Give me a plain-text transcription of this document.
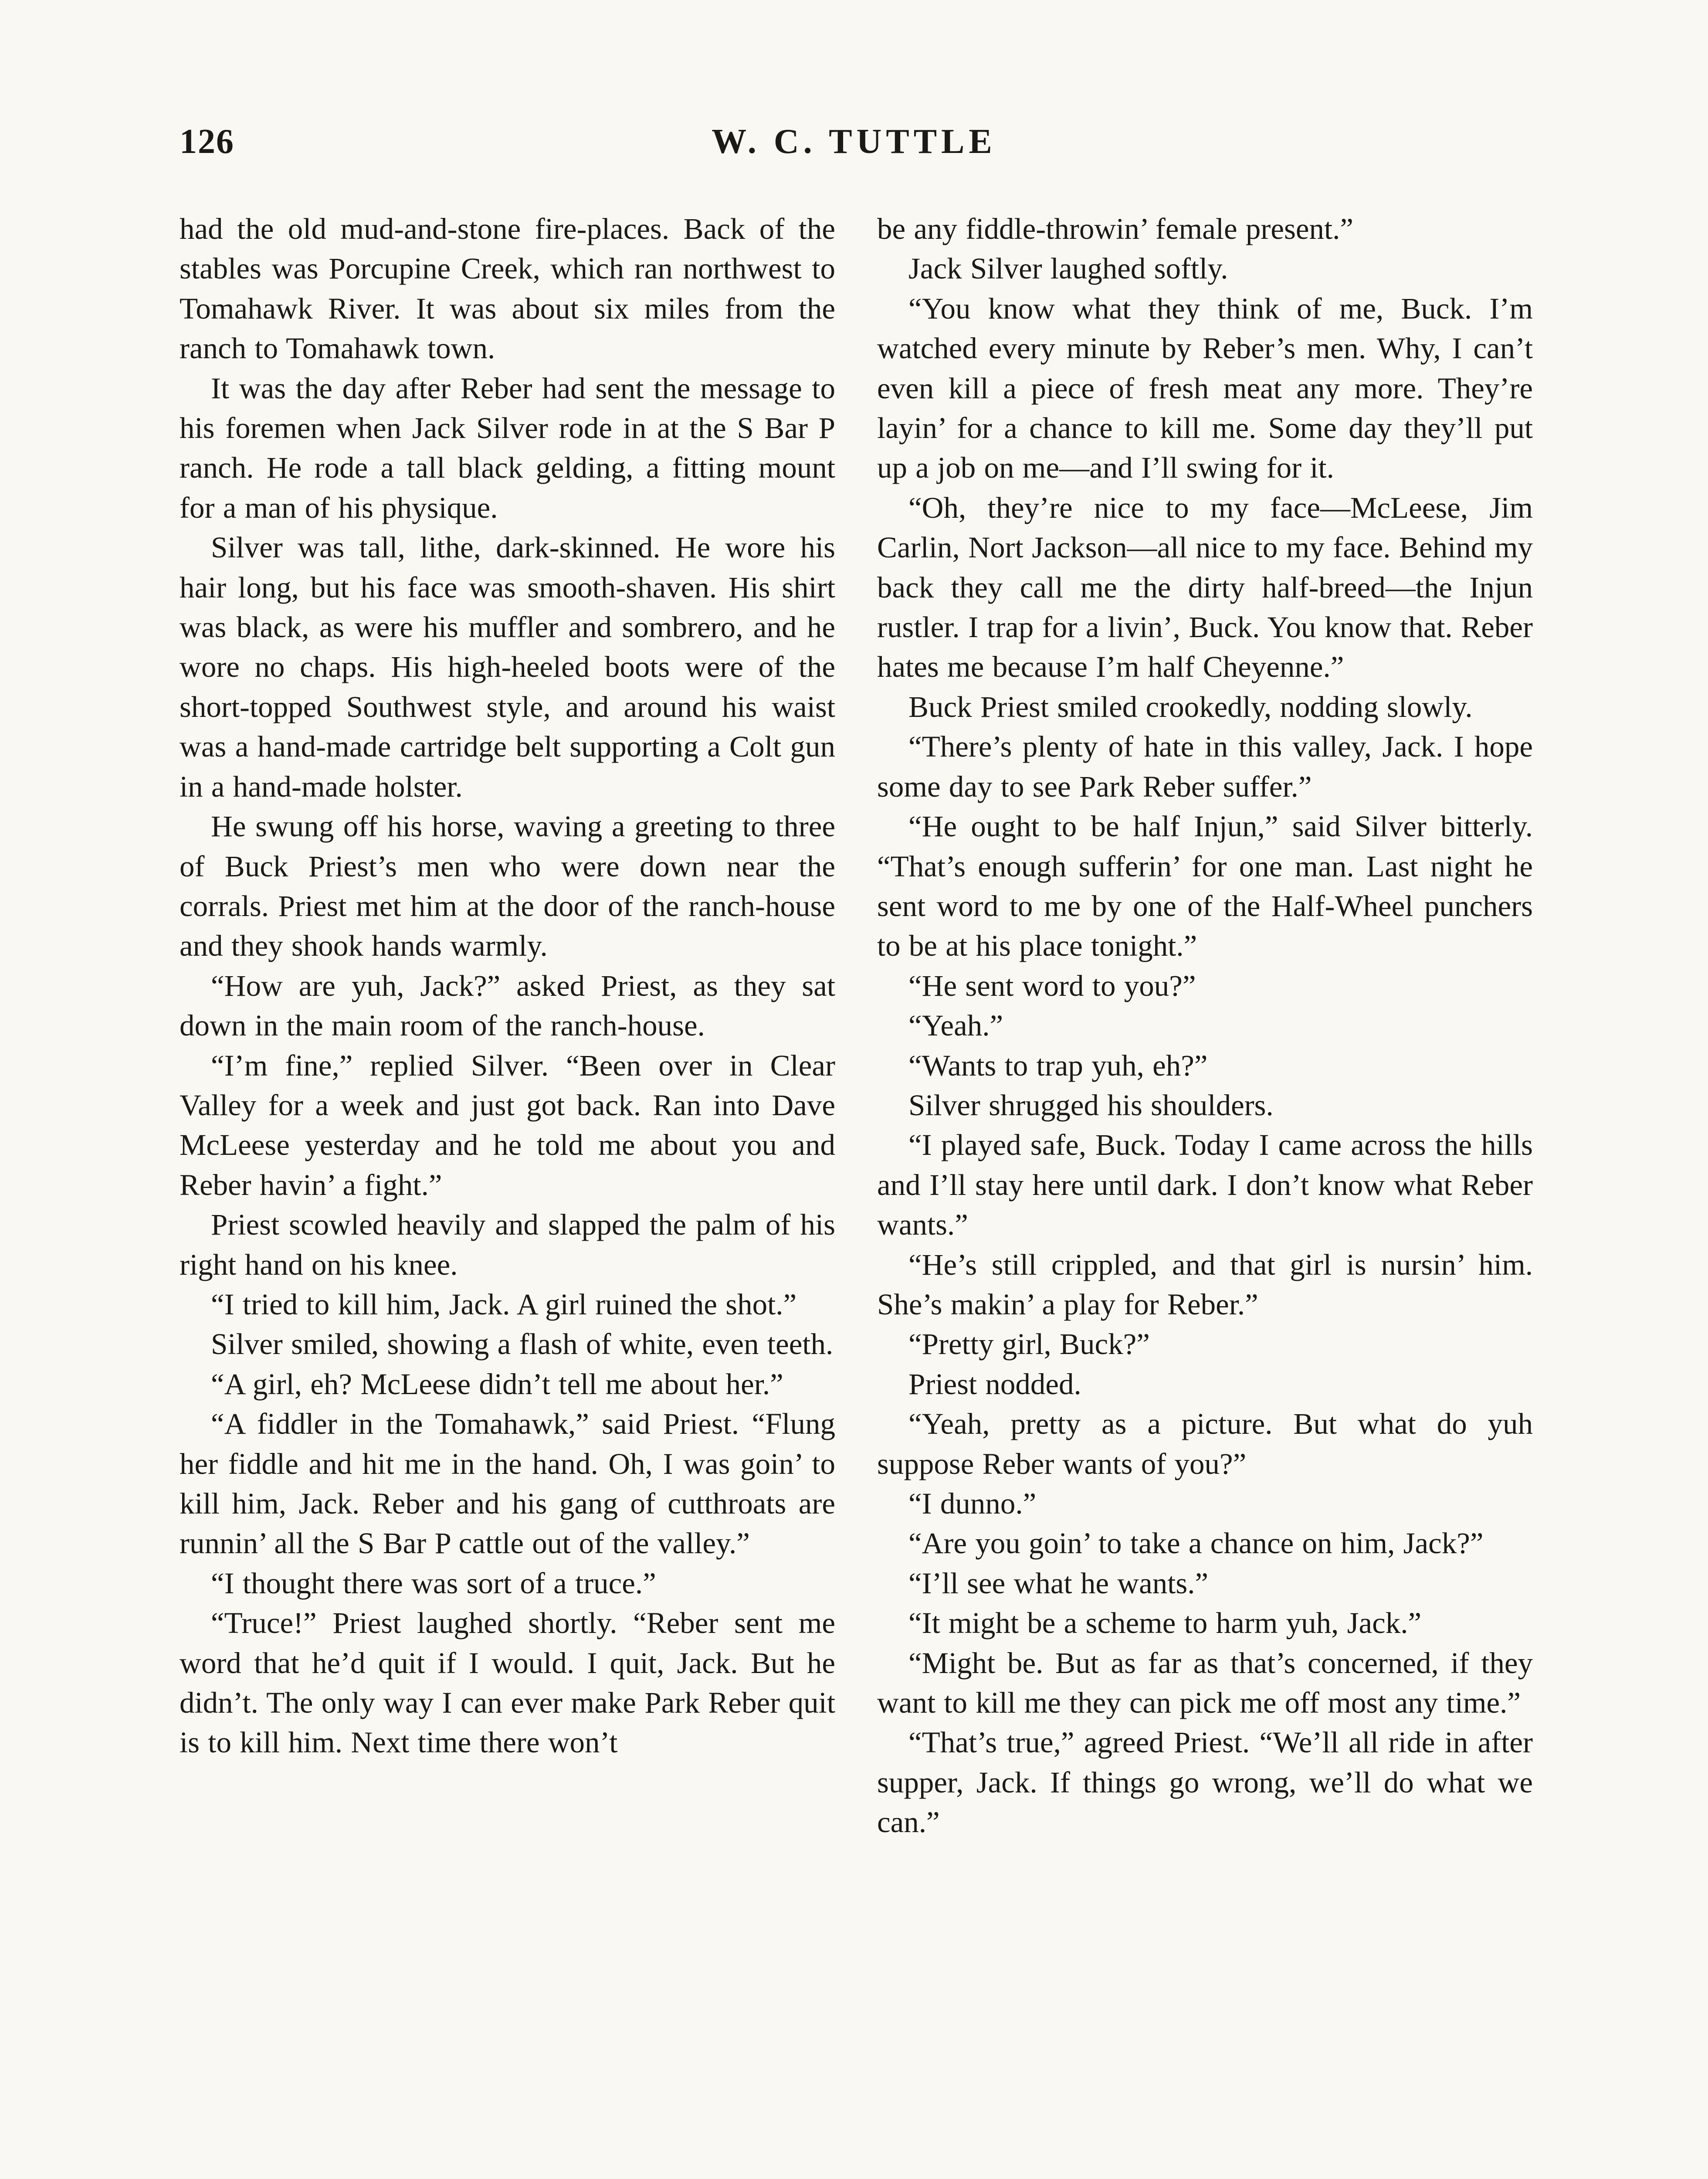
126	W. C. TUTTLE

had the old mud-and-stone fire-places. Back of the stables was Porcupine Creek, which ran northwest to Tomahawk River. It was about six miles from the ranch to Tomahawk town.

It was the day after Reber had sent the message to his foremen when Jack Silver rode in at the S Bar P ranch. He rode a tall black gelding, a fitting mount for a man of his physique.

Silver was tall, lithe, dark-skinned. He wore his hair long, but his face was smooth-shaven. His shirt was black, as were his muffler and sombrero, and he wore no chaps. His high-heeled boots were of the short-topped Southwest style, and around his waist was a hand-made cartridge belt supporting a Colt gun in a hand-made holster.

He swung off his horse, waving a greeting to three of Buck Priest’s men who were down near the corrals. Priest met him at the door of the ranch-house and they shook hands warmly.

“How are yuh, Jack?” asked Priest, as they sat down in the main room of the ranch-house.

“I’m fine,” replied Silver. “Been over in Clear Valley for a week and just got back. Ran into Dave McLeese yesterday and he told me about you and Reber havin’ a fight.”

Priest scowled heavily and slapped the palm of his right hand on his knee.

“I tried to kill him, Jack. A girl ruined the shot.”

Silver smiled, showing a flash of white, even teeth.

“A girl, eh? McLeese didn’t tell me about her.”

“A fiddler in the Tomahawk,” said Priest. “Flung her fiddle and hit me in the hand. Oh, I was goin’ to kill him, Jack. Reber and his gang of cutthroats are runnin’ all the S Bar P cattle out of the valley.”

“I thought there was sort of a truce.”

“Truce!” Priest laughed shortly. “Reber sent me word that he’d quit if I would. I quit, Jack. But he didn’t. The only way I can ever make Park Reber quit is to kill him. Next time there won’t

be any fiddle-throwin’ female present.”

Jack Silver laughed softly.

“You know what they think of me, Buck. I’m watched every minute by Reber’s men. Why, I can’t even kill a piece of fresh meat any more. They’re layin’ for a chance to kill me. Some day they’ll put up a job on me—and I’ll swing for it.

“Oh, they’re nice to my face—McLeese, Jim Carlin, Nort Jackson—all nice to my face. Behind my back they call me the dirty half-breed—the Injun rustler. I trap for a livin’, Buck. You know that. Reber hates me because I’m half Cheyenne.”

Buck Priest smiled crookedly, nodding slowly.

“There’s plenty of hate in this valley, Jack. I hope some day to see Park Reber suffer.”

“He ought to be half Injun,” said Silver bitterly. “That’s enough sufferin’ for one man. Last night he sent word to me by one of the Half-Wheel punchers to be at his place tonight.”

“He sent word to you?”

“Yeah.”

“Wants to trap yuh, eh?”

Silver shrugged his shoulders.

“I played safe, Buck. Today I came across the hills and I’ll stay here until dark. I don’t know what Reber wants.”

“He’s still crippled, and that girl is nursin’ him. She’s makin’ a play for Reber.”

“Pretty girl, Buck?”

Priest nodded.

“Yeah, pretty as a picture. But what do yuh suppose Reber wants of you?”

“I dunno.”

“Are you goin’ to take a chance on him, Jack?”

“I’ll see what he wants.”

“It might be a scheme to harm yuh, Jack.”

“Might be. But as far as that’s concerned, if they want to kill me they can pick me off most any time.”

“That’s true,” agreed Priest. “We’ll all ride in after supper, Jack. If things go wrong, we’ll do what we can.”
